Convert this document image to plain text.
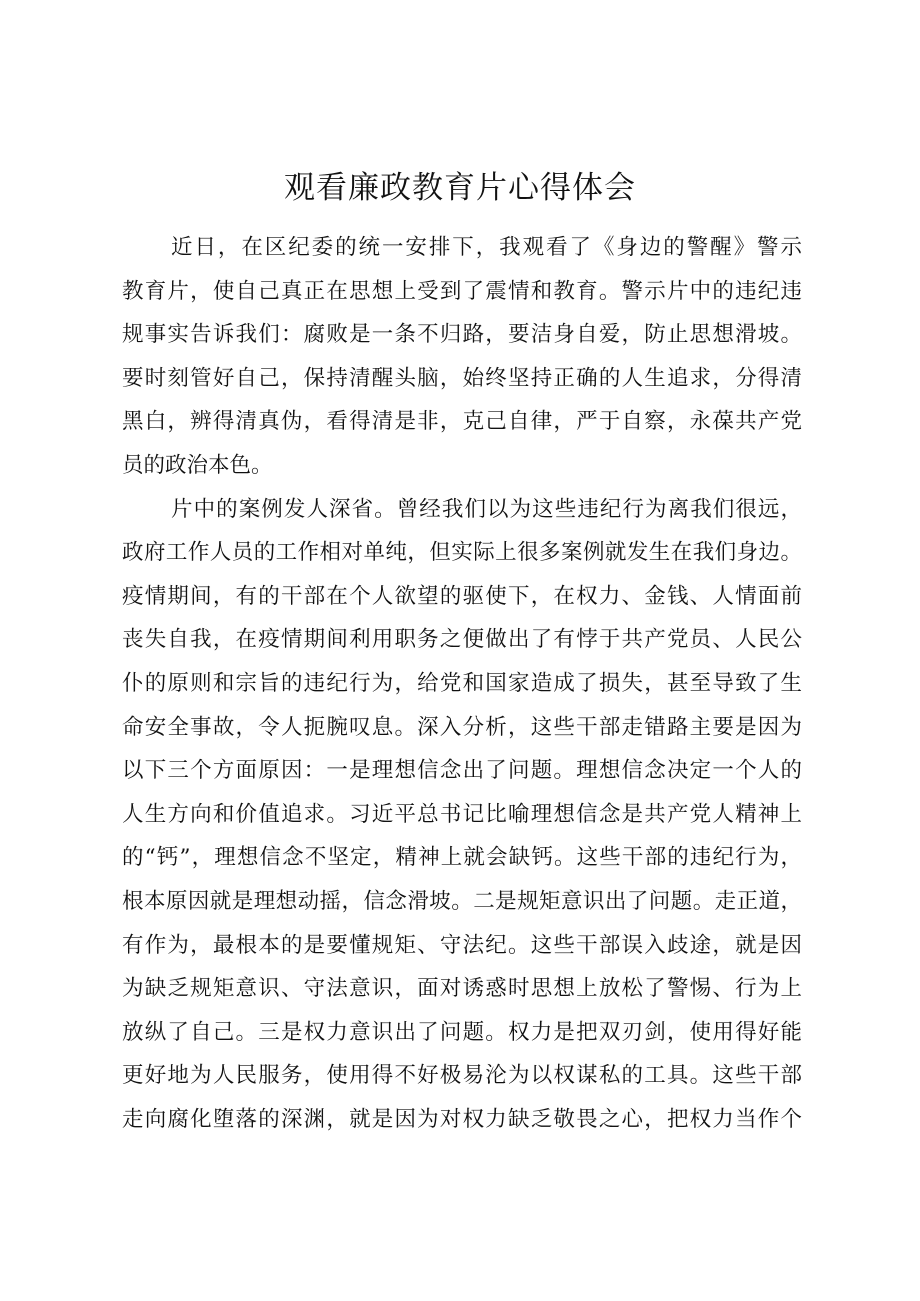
观看廉政教育片心得体会
近日，在区纪委的统一安排下，我观看了《身边的警醒》警示
教育片，使自己真正在思想上受到了震情和教育。警示片中的违纪违
规事实告诉我们：腐败是一条不归路，要洁身自爱，防止思想滑坡。
要时刻管好自己，保持清醒头脑，始终坚持正确的人生追求，分得清
黑白，辨得清真伪，看得清是非，克己自律，严于自察，永葆共产党
员的政治本色。
片中的案例发人深省。曾经我们以为这些违纪行为离我们很远，
政府工作人员的工作相对单纯，但实际上很多案例就发生在我们身边。
疫情期间，有的干部在个人欲望的驱使下，在权力、金钱、人情面前
丧失自我，在疫情期间利用职务之便做出了有悖于共产党员、人民公
仆的原则和宗旨的违纪行为，给党和国家造成了损失，甚至导致了生
命安全事故，令人扼腕叹息。深入分析，这些干部走错路主要是因为
以下三个方面原因：一是理想信念出了问题。理想信念决定一个人的
人生方向和价值追求。习近平总书记比喻理想信念是共产党人精神上
的“钙”，理想信念不坚定，精神上就会缺钙。这些干部的违纪行为，
根本原因就是理想动摇，信念滑坡。二是规矩意识出了问题。走正道，
有作为，最根本的是要懂规矩、守法纪。这些干部误入歧途，就是因
为缺乏规矩意识、守法意识，面对诱惑时思想上放松了警惕、行为上
放纵了自己。三是权力意识出了问题。权力是把双刃剑，使用得好能
更好地为人民服务，使用得不好极易沦为以权谋私的工具。这些干部
走向腐化堕落的深渊，就是因为对权力缺乏敬畏之心，把权力当作个
